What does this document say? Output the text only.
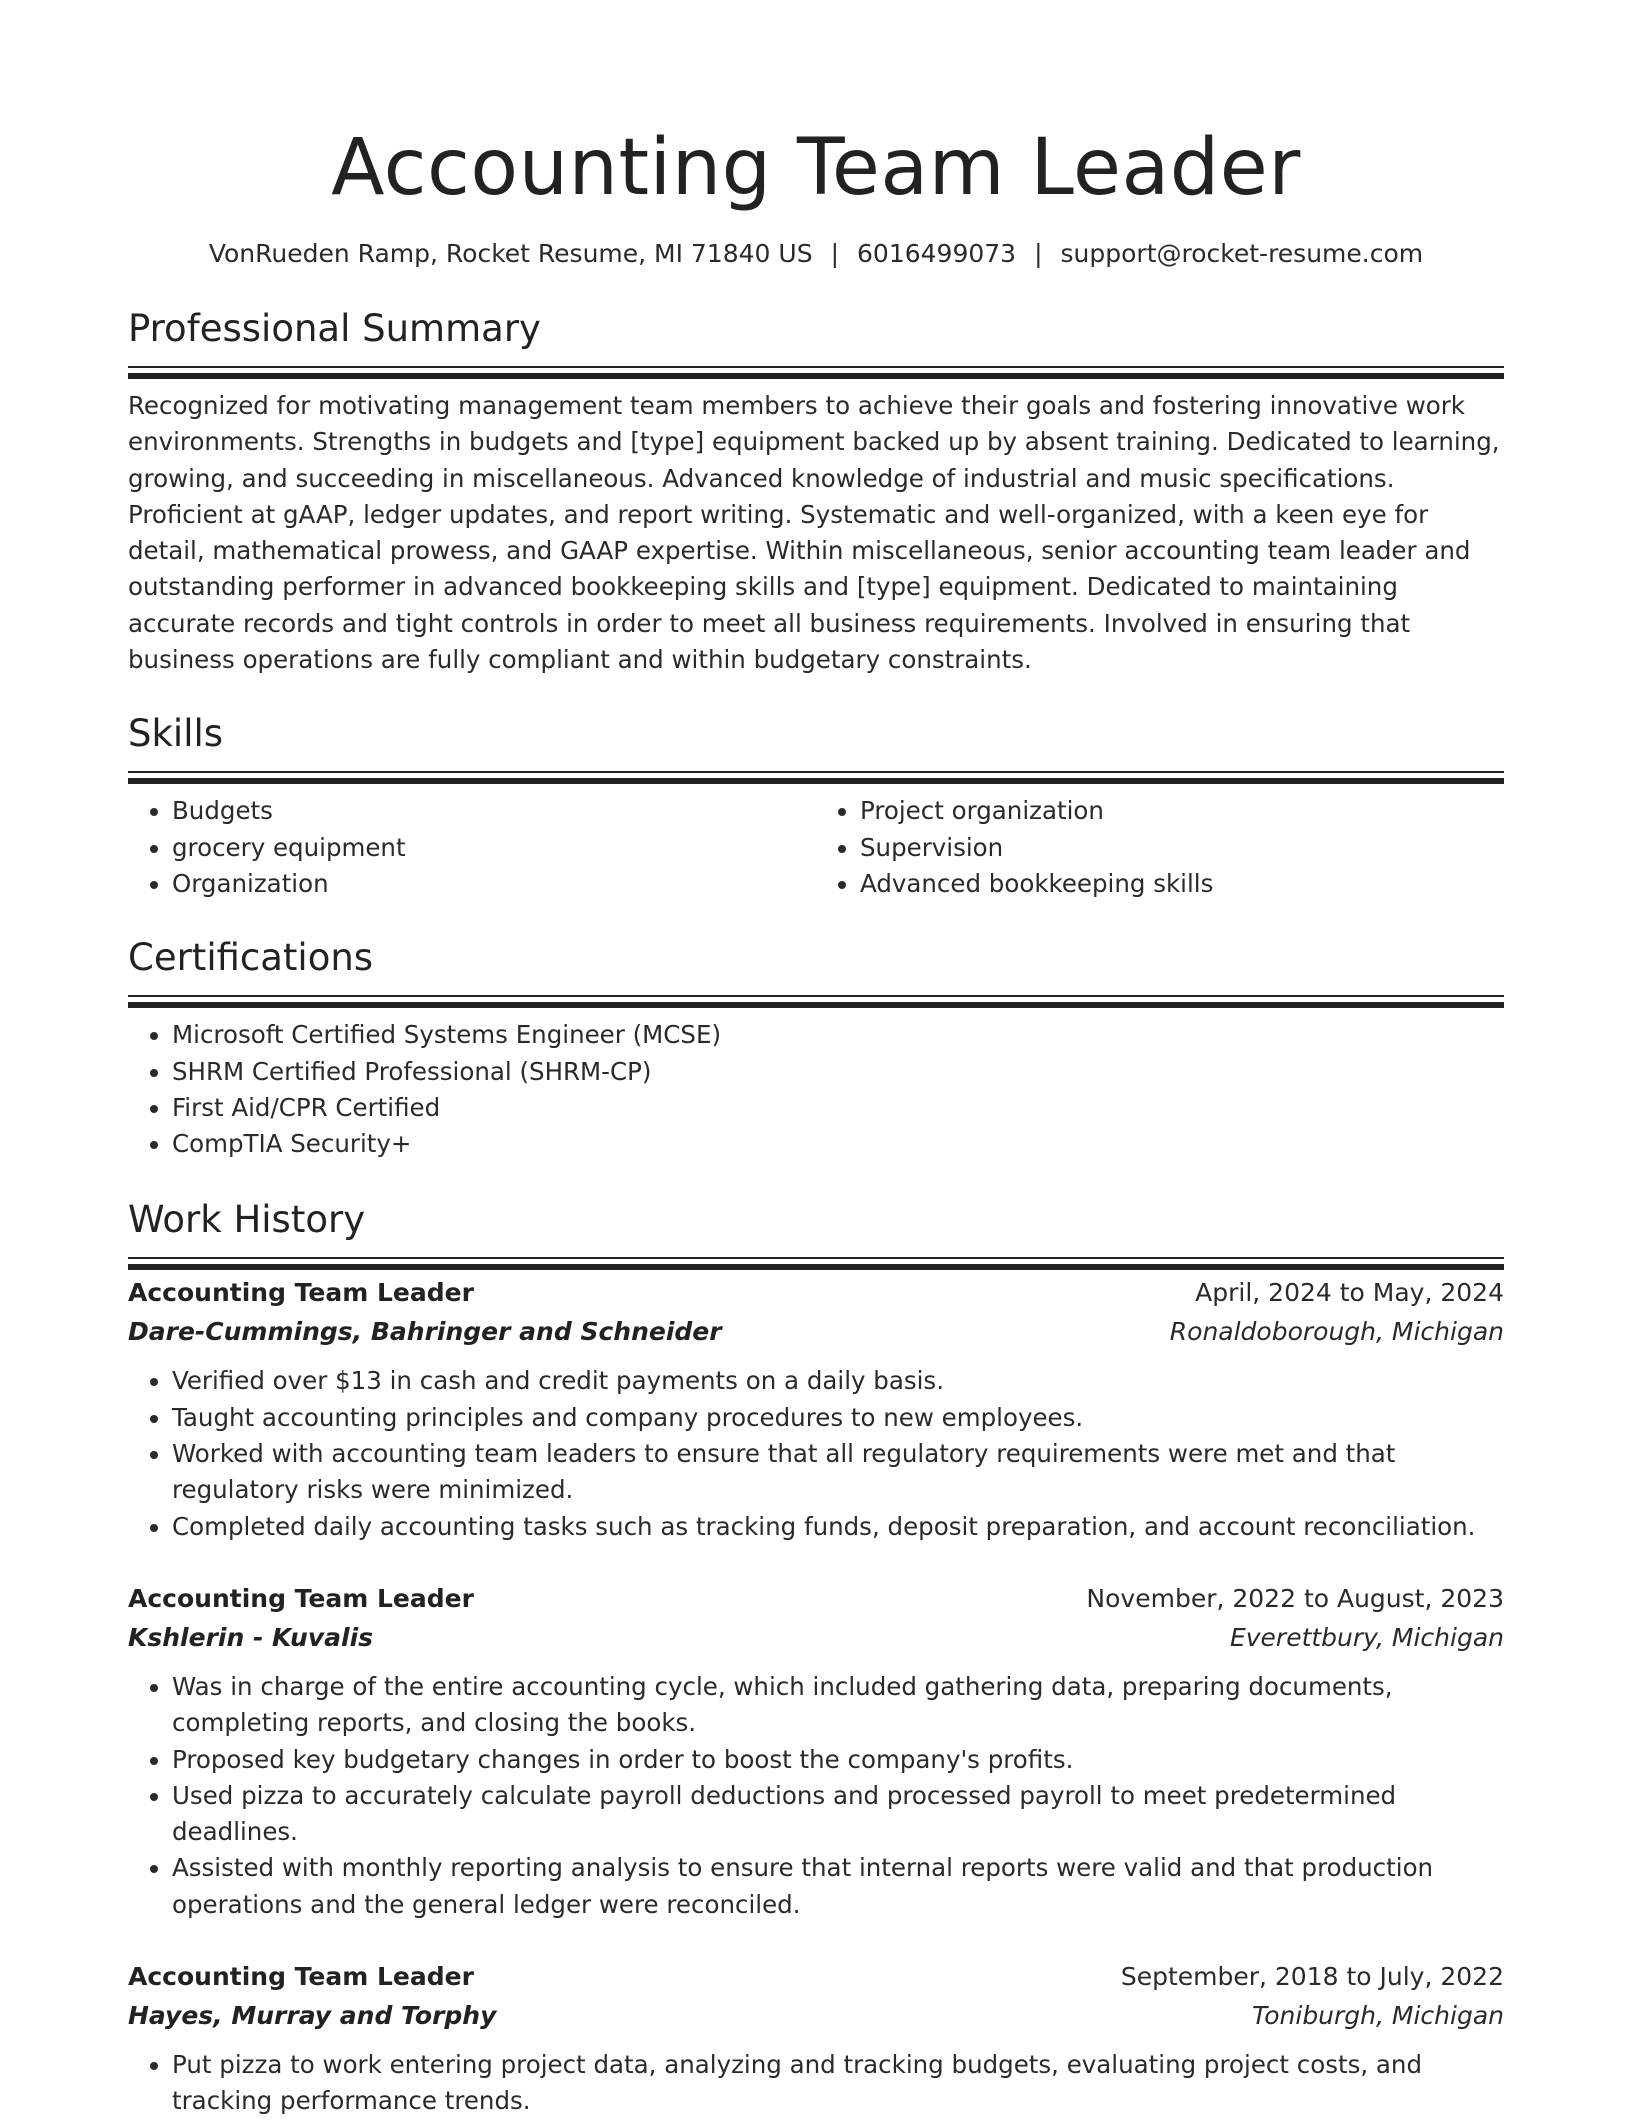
Accounting Team Leader
VonRueden Ramp, Rocket Resume, MI 71840 US | 6016499073 | support@rocket-resume.com
Professional Summary

Recognized for motivating management team members to achieve their goals and fostering innovative work environments. Strengths in budgets and [type] equipment backed up by absent training. Dedicated to learning, growing, and succeeding in miscellaneous. Advanced knowledge of industrial and music specifications. Proficient at gAAP, ledger updates, and report writing. Systematic and well-organized, with a keen eye for detail, mathematical prowess, and GAAP expertise. Within miscellaneous, senior accounting team leader and outstanding performer in advanced bookkeeping skills and [type] equipment. Dedicated to maintaining accurate records and tight controls in order to meet all business requirements. Involved in ensuring that business operations are fully compliant and within budgetary constraints.

Skills
• Budgets
• grocery equipment
• Organization
• Project organization
• Supervision
• Advanced bookkeeping skills
Certifications
• Microsoft Certified Systems Engineer (MCSE)
• SHRM Certified Professional (SHRM-CP)
• First Aid/CPR Certified
• CompTIA Security+
Work History
Accounting Team Leader	April, 2024 to May, 2024
Dare-Cummings, Bahringer and Schneider	Ronaldoborough, Michigan
• Verified over $13 in cash and credit payments on a daily basis.
• Taught accounting principles and company procedures to new employees.
• Worked with accounting team leaders to ensure that all regulatory requirements were met and that regulatory risks were minimized.
• Completed daily accounting tasks such as tracking funds, deposit preparation, and account reconciliation.
Accounting Team Leader	November, 2022 to August, 2023
Kshlerin - Kuvalis	Everettbury, Michigan
• Was in charge of the entire accounting cycle, which included gathering data, preparing documents, completing reports, and closing the books.
• Proposed key budgetary changes in order to boost the company's profits.
• Used pizza to accurately calculate payroll deductions and processed payroll to meet predetermined deadlines.
• Assisted with monthly reporting analysis to ensure that internal reports were valid and that production operations and the general ledger were reconciled.
Accounting Team Leader	September, 2018 to July, 2022
Hayes, Murray and Torphy	Toniburgh, Michigan
• Put pizza to work entering project data, analyzing and tracking budgets, evaluating project costs, and tracking performance trends.
